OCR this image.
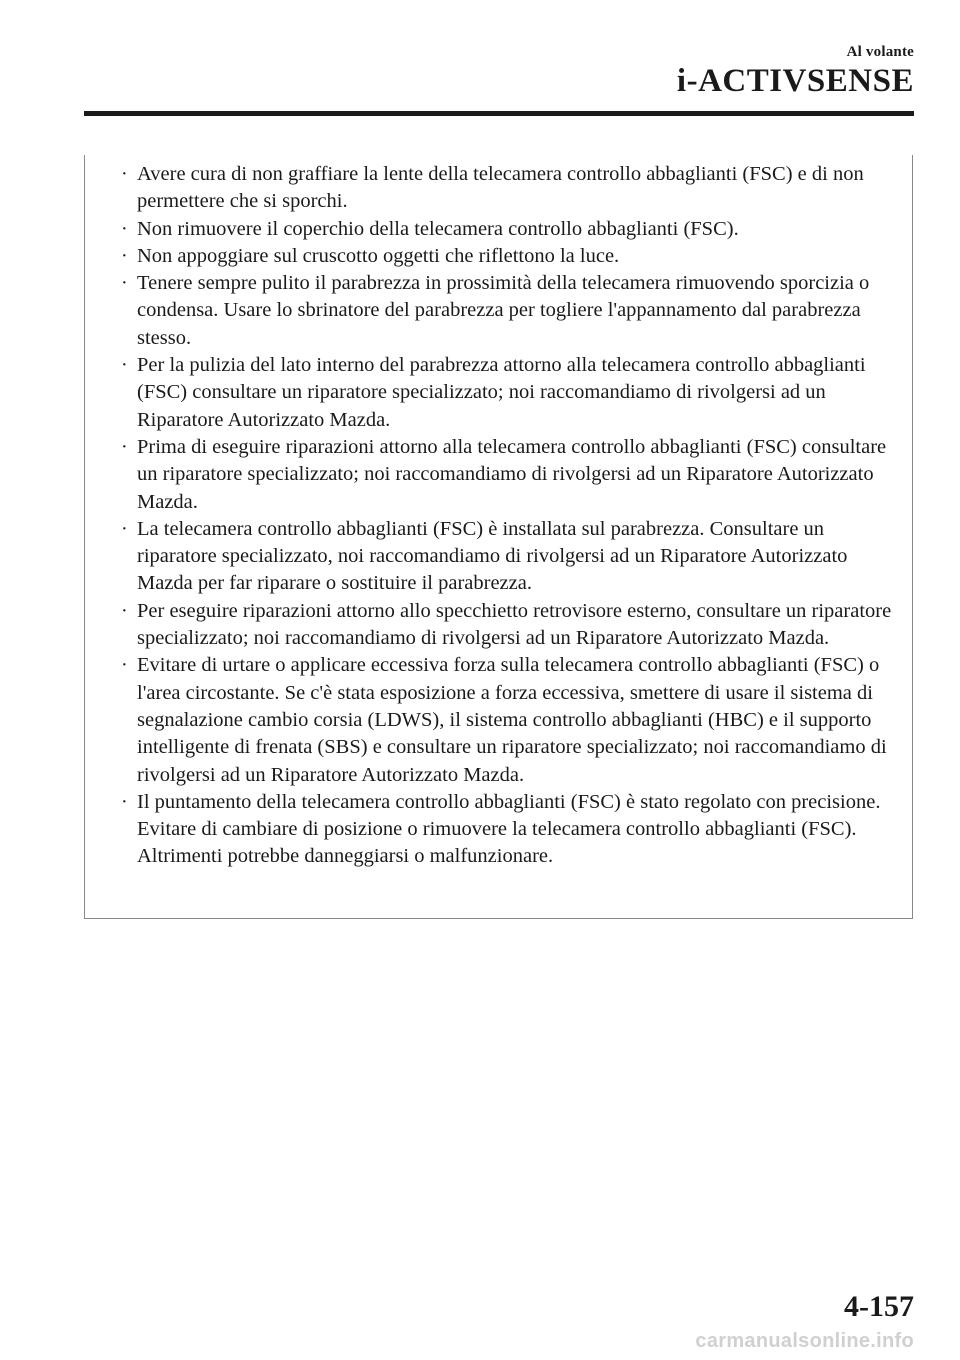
Al volante
i-ACTIVSENSE
· Avere cura di non graffiare la lente della telecamera controllo abbaglianti (FSC) e di non permettere che si sporchi.
· Non rimuovere il coperchio della telecamera controllo abbaglianti (FSC).
· Non appoggiare sul cruscotto oggetti che riflettono la luce.
· Tenere sempre pulito il parabrezza in prossimità della telecamera rimuovendo sporcizia o condensa. Usare lo sbrinatore del parabrezza per togliere l'appannamento dal parabrezza stesso.
· Per la pulizia del lato interno del parabrezza attorno alla telecamera controllo abbaglianti (FSC) consultare un riparatore specializzato; noi raccomandiamo di rivolgersi ad un Riparatore Autorizzato Mazda.
· Prima di eseguire riparazioni attorno alla telecamera controllo abbaglianti (FSC) consultare un riparatore specializzato; noi raccomandiamo di rivolgersi ad un Riparatore Autorizzato Mazda.
· La telecamera controllo abbaglianti (FSC) è installata sul parabrezza. Consultare un riparatore specializzato, noi raccomandiamo di rivolgersi ad un Riparatore Autorizzato Mazda per far riparare o sostituire il parabrezza.
· Per eseguire riparazioni attorno allo specchietto retrovisore esterno, consultare un riparatore specializzato; noi raccomandiamo di rivolgersi ad un Riparatore Autorizzato Mazda.
· Evitare di urtare o applicare eccessiva forza sulla telecamera controllo abbaglianti (FSC) o l'area circostante. Se c'è stata esposizione a forza eccessiva, smettere di usare il sistema di segnalazione cambio corsia (LDWS), il sistema controllo abbaglianti (HBC) e il supporto intelligente di frenata (SBS) e consultare un riparatore specializzato; noi raccomandiamo di rivolgersi ad un Riparatore Autorizzato Mazda.
· Il puntamento della telecamera controllo abbaglianti (FSC) è stato regolato con precisione. Evitare di cambiare di posizione o rimuovere la telecamera controllo abbaglianti (FSC). Altrimenti potrebbe danneggiarsi o malfunzionare.
4-157
carmanualsonline.info
